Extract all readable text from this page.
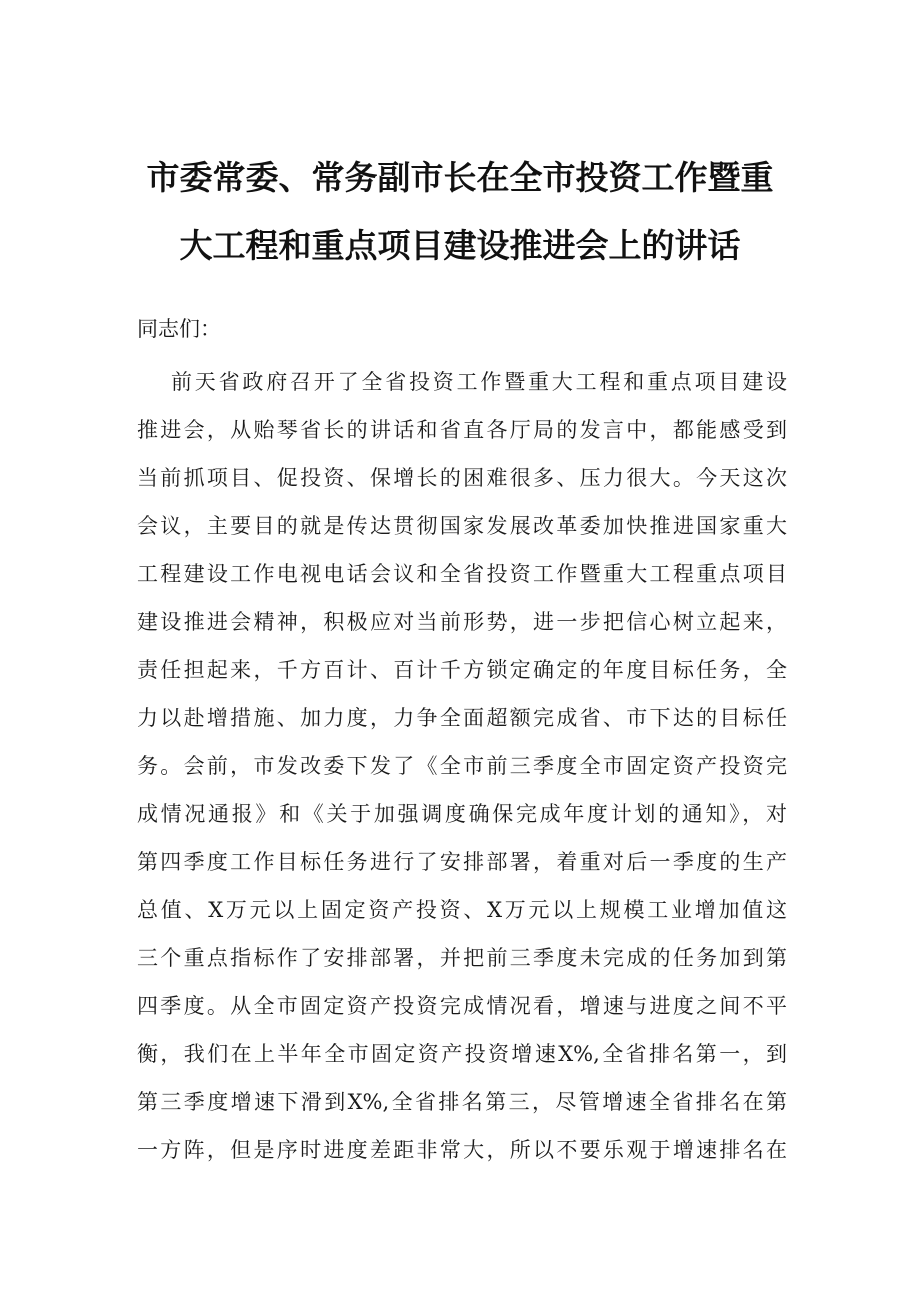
市委常委、常务副市长在全市投资工作暨重
大工程和重点项目建设推进会上的讲话
同志们：
前天省政府召开了全省投资工作暨重大工程和重点项目建设
推进会，从贻琴省长的讲话和省直各厅局的发言中，都能感受到
当前抓项目、促投资、保增长的困难很多、压力很大。今天这次
会议，主要目的就是传达贯彻国家发展改革委加快推进国家重大
工程建设工作电视电话会议和全省投资工作暨重大工程重点项目
建设推进会精神，积极应对当前形势，进一步把信心树立起来，
责任担起来，千方百计、百计千方锁定确定的年度目标任务，全
力以赴增措施、加力度，力争全面超额完成省、市下达的目标任
务。会前，市发改委下发了《全市前三季度全市固定资产投资完
成情况通报》和《关于加强调度确保完成年度计划的通知》，对
第四季度工作目标任务进行了安排部署，着重对后一季度的生产
总值、X万元以上固定资产投资、X万元以上规模工业增加值这
三个重点指标作了安排部署，并把前三季度未完成的任务加到第
四季度。从全市固定资产投资完成情况看，增速与进度之间不平
衡，我们在上半年全市固定资产投资增速X%,全省排名第一，到
第三季度增速下滑到X%,全省排名第三，尽管增速全省排名在第
一方阵，但是序时进度差距非常大，所以不要乐观于增速排名在
